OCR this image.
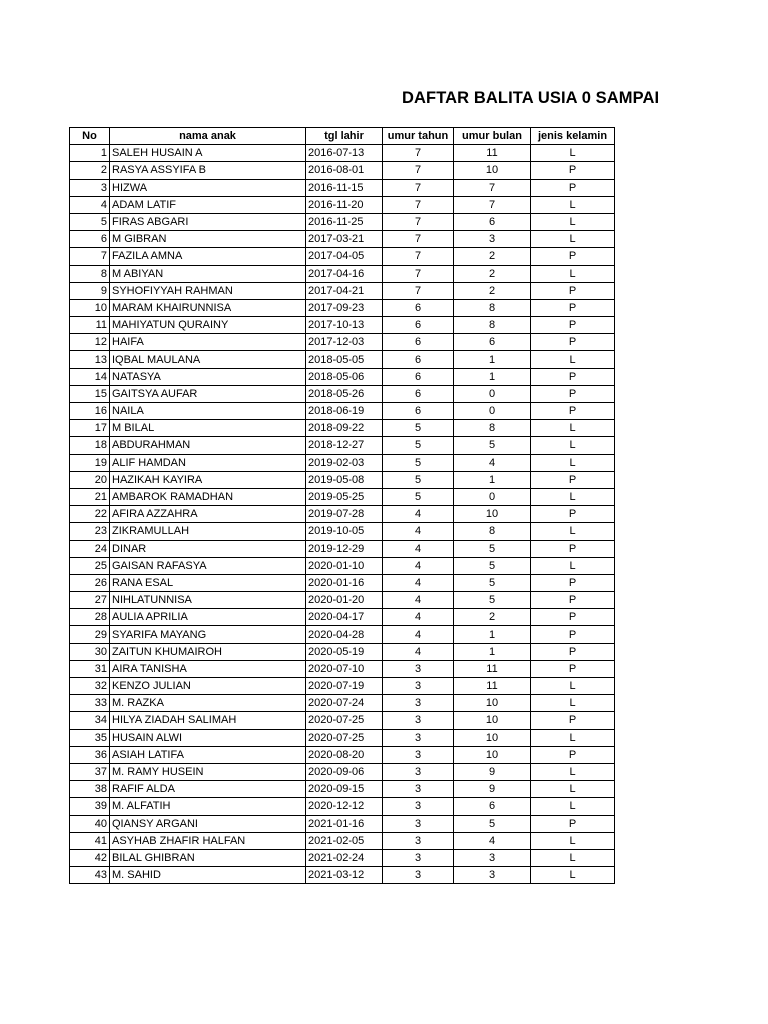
DAFTAR BALITA USIA 0 SAMPAI
No	nama anak	tgl lahir	umur tahun	umur bulan	jenis kelamin
1	SALEH HUSAIN A	2016-07-13	7	11	L
2	RASYA ASSYIFA B	2016-08-01	7	10	P
3	HIZWA	2016-11-15	7	7	P
4	ADAM LATIF	2016-11-20	7	7	L
5	FIRAS ABGARI	2016-11-25	7	6	L
6	M GIBRAN	2017-03-21	7	3	L
7	FAZILA AMNA	2017-04-05	7	2	P
8	M ABIYAN	2017-04-16	7	2	L
9	SYHOFIYYAH RAHMAN	2017-04-21	7	2	P
10	MARAM KHAIRUNNISA	2017-09-23	6	8	P
11	MAHIYATUN QURAINY	2017-10-13	6	8	P
12	HAIFA	2017-12-03	6	6	P
13	IQBAL MAULANA	2018-05-05	6	1	L
14	NATASYA	2018-05-06	6	1	P
15	GAITSYA AUFAR	2018-05-26	6	0	P
16	NAILA	2018-06-19	6	0	P
17	M BILAL	2018-09-22	5	8	L
18	ABDURAHMAN	2018-12-27	5	5	L
19	ALIF HAMDAN	2019-02-03	5	4	L
20	HAZIKAH KAYIRA	2019-05-08	5	1	P
21	AMBAROK RAMADHAN	2019-05-25	5	0	L
22	AFIRA AZZAHRA	2019-07-28	4	10	P
23	ZIKRAMULLAH	2019-10-05	4	8	L
24	DINAR	2019-12-29	4	5	P
25	GAISAN RAFASYA	2020-01-10	4	5	L
26	RANA ESAL	2020-01-16	4	5	P
27	NIHLATUNNISA	2020-01-20	4	5	P
28	AULIA APRILIA	2020-04-17	4	2	P
29	SYARIFA MAYANG	2020-04-28	4	1	P
30	ZAITUN KHUMAIROH	2020-05-19	4	1	P
31	AIRA TANISHA	2020-07-10	3	11	P
32	KENZO JULIAN	2020-07-19	3	11	L
33	M. RAZKA	2020-07-24	3	10	L
34	HILYA ZIADAH SALIMAH	2020-07-25	3	10	P
35	HUSAIN ALWI	2020-07-25	3	10	L
36	ASIAH LATIFA	2020-08-20	3	10	P
37	M. RAMY HUSEIN	2020-09-06	3	9	L
38	RAFIF ALDA	2020-09-15	3	9	L
39	M. ALFATIH	2020-12-12	3	6	L
40	QIANSY ARGANI	2021-01-16	3	5	P
41	ASYHAB ZHAFIR HALFAN	2021-02-05	3	4	L
42	BILAL GHIBRAN	2021-02-24	3	3	L
43	M. SAHID	2021-03-12	3	3	L
